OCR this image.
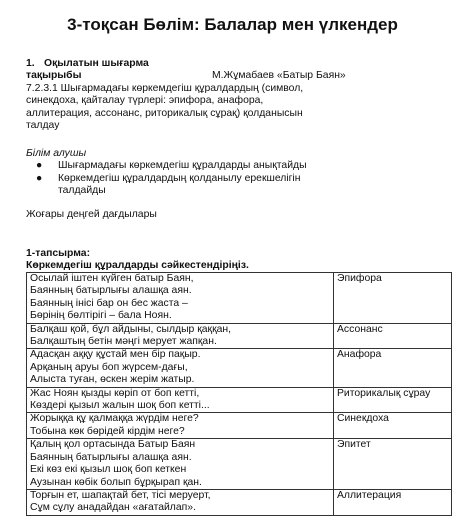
3-тоқсан Бөлім: Балалар мен үлкендер
1. Оқылатын шығарма
тақырыбы	М.Жұмабаев «Батыр Баян»
7.2.3.1 Шығармадағы көркемдегіш құралдардың (символ,
синекдоха, қайталау түрлері: эпифора, анафора,
аллитерация, ассонанс, риторикалық сұрақ) қолданысын
талдау
Білім алушы
● Шығармадағы көркемдегіш құралдарды анықтайды
● Көркемдегіш құралдардың қолданылу ерекшелігін
талдайды
Жоғары деңгей дағдылары
1-тапсырма:
Көркемдегіш құралдарды сәйкестендіріңіз.
Осылай іштен күйген батыр Баян,
Баянның батырлығы алашқа аян.
Баянның інісі бар он бес жаста –
Бөрінің бөлтірігі – бала Ноян.	Эпифора

Балқаш қой, бұл айдыны, сылдыр қаққан,
Балқаштың бетін мәңгі мерует жапқан.	Ассонанс

Адасқан аққу құстай мен бір пақыр.
Арқаның аруы боп жүрсем-дағы,
Алыста туған, өскен жерім жатыр.	Анафора

Жас Ноян қызды көріп от боп кетті,
Көздері қызыл жалын шоқ боп кетті...	Риторикалық сұрау

Жорыққа құ қалмаққа жүрдім неге?
Тобына көк бөрідей кірдім неге?	Синекдоха

Қалың қол ортасында Батыр Баян
Баянның батырлығы алашқа аян.
Екі көз екі қызыл шоқ боп кеткен
Аузынан көбік болып бұрқырап қан.	Эпитет

Торғын ет, шапақтай бет, тісі меруерт,
Сұм сұлу анадайдан «ағатайлап».	Аллитерация
